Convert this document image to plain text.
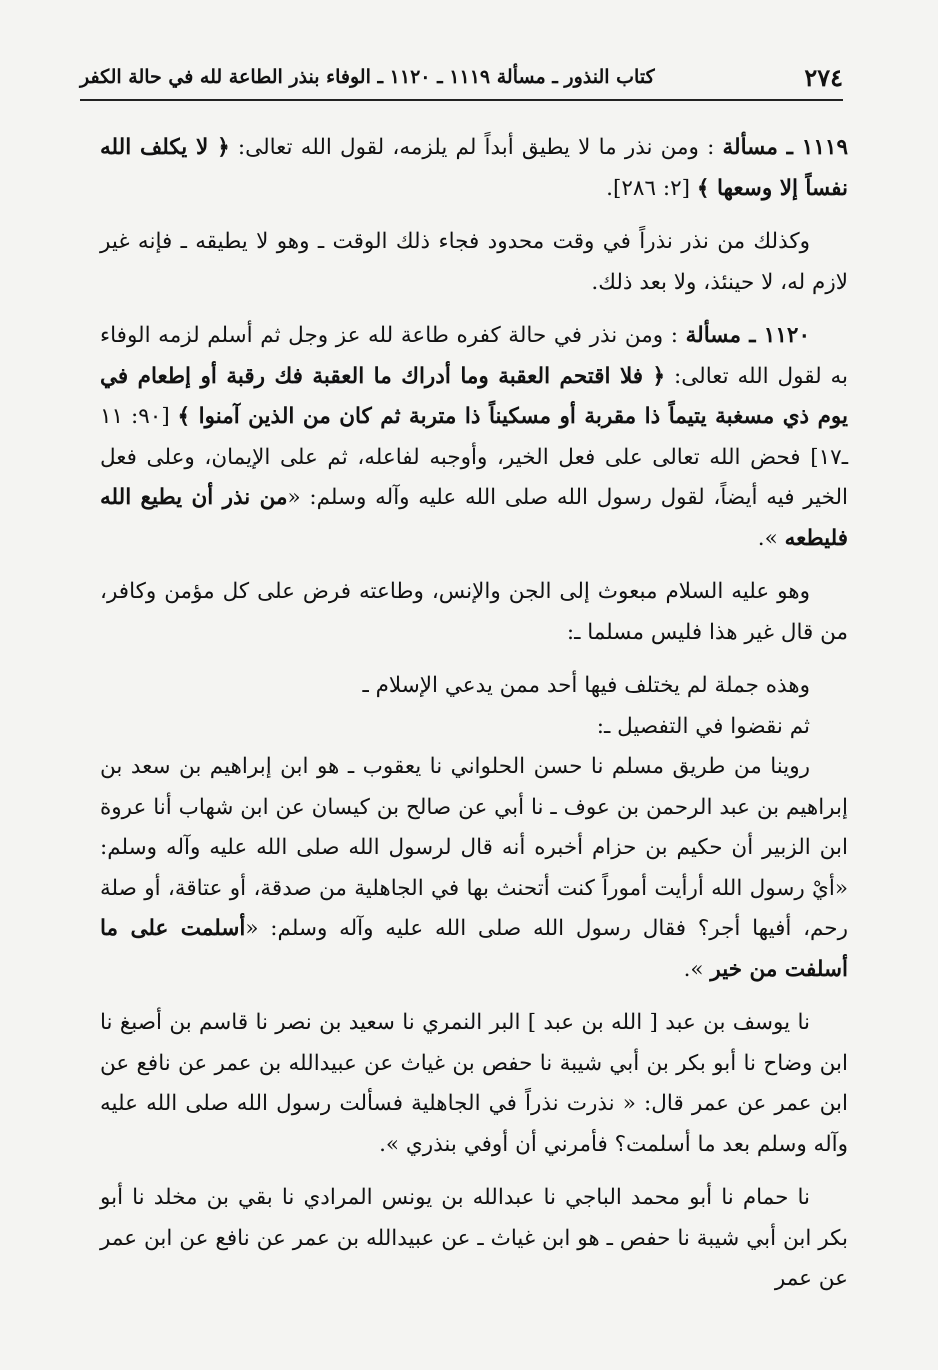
كتاب النذور ـ مسألة ١١١٩ ـ ١١٢٠ ـ الوفاء بنذر الطاعة لله في حالة الكفر	٢٧٤

١١١٩ ـ مسألة : ومن نذر ما لا يطيق أبداً لم يلزمه، لقول الله تعالى: ﴿ لا يكلف الله نفساً إلا وسعها ﴾ [٢: ٢٨٦].

وكذلك من نذر نذراً في وقت محدود فجاء ذلك الوقت ـ وهو لا يطيقه ـ فإنه غير لازم له، لا حينئذ، ولا بعد ذلك.

١١٢٠ ـ مسألة : ومن نذر في حالة كفره طاعة لله عز وجل ثم أسلم لزمه الوفاء به لقول الله تعالى: ﴿ فلا اقتحم العقبة وما أدراك ما العقبة فك رقبة أو إطعام في يوم ذي مسغبة يتيماً ذا مقربة أو مسكيناً ذا متربة ثم كان من الذين آمنوا ﴾ [٩٠: ١١ ـ١٧] فحض الله تعالى على فعل الخير، وأوجبه لفاعله، ثم على الإيمان، وعلى فعل الخير فيه أيضاً، لقول رسول الله صلى الله عليه وآله وسلم: «من نذر أن يطيع الله فليطعه ».

وهو عليه السلام مبعوث إلى الجن والإنس، وطاعته فرض على كل مؤمن وكافر، من قال غير هذا فليس مسلما ـ:

وهذه جملة لم يختلف فيها أحد ممن يدعي الإسلام ـ

ثم نقضوا في التفصيل ـ:

روينا من طريق مسلم نا حسن الحلواني نا يعقوب ـ هو ابن إبراهيم بن سعد بن إبراهيم بن عبد الرحمن بن عوف ـ نا أبي عن صالح بن كيسان عن ابن شهاب أنا عروة ابن الزبير أن حكيم بن حزام أخبره أنه قال لرسول الله صلى الله عليه وآله وسلم: «أيْ رسول الله أرأيت أموراً كنت أتحنث بها في الجاهلية من صدقة، أو عتاقة، أو صلة رحم، أفيها أجر؟ فقال رسول الله صلى الله عليه وآله وسلم: «أسلمت على ما أسلفت من خير ».

نا يوسف بن عبد [ الله بن عبد ] البر النمري نا سعيد بن نصر نا قاسم بن أصبغ نا ابن وضاح نا أبو بكر بن أبي شيبة نا حفص بن غياث عن عبيدالله بن عمر عن نافع عن ابن عمر عن عمر قال: « نذرت نذراً في الجاهلية فسألت رسول الله صلى الله عليه وآله وسلم بعد ما أسلمت؟ فأمرني أن أوفي بنذري ».

نا حمام نا أبو محمد الباجي نا عبدالله بن يونس المرادي نا بقي بن مخلد نا أبو بكر ابن أبي شيبة نا حفص ـ هو ابن غياث ـ عن عبيدالله بن عمر عن نافع عن ابن عمر عن عمر
